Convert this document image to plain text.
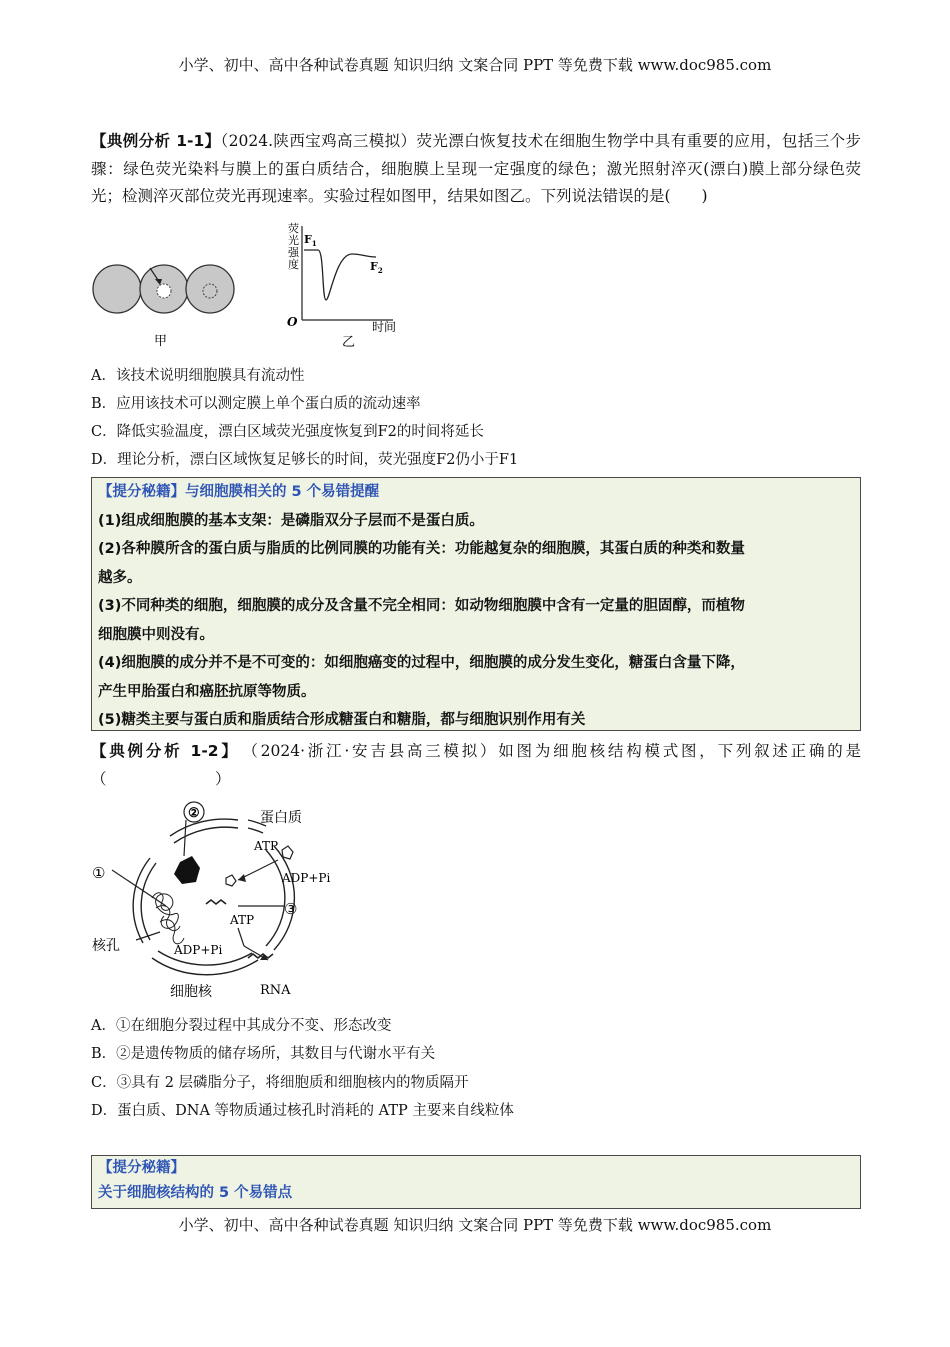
小学、初中、高中各种试卷真题 知识归纳 文案合同 PPT 等免费下载 www.doc985.com
【典例分析 1-1】（2024.陕西宝鸡高三模拟）荧光漂白恢复技术在细胞生物学中具有重要的应用，包括三个步骤：绿色荧光染料与膜上的蛋白质结合，细胞膜上呈现一定强度的绿色；激光照射淬灭(漂白)膜上部分绿色荧光；检测淬灭部位荧光再现速率。实验过程如图甲，结果如图乙。下列说法错误的是(　　)
甲
荧
光
强
度
$F_1$
$F_2$
O	时间
乙
A．该技术说明细胞膜具有流动性
B．应用该技术可以测定膜上单个蛋白质的流动速率
C．降低实验温度，漂白区域荧光强度恢复到F2的时间将延长
D．理论分析，漂白区域恢复足够长的时间，荧光强度F2仍小于F1
【提分秘籍】与细胞膜相关的 5 个易错提醒
(1)组成细胞膜的基本支架：是磷脂双分子层而不是蛋白质。
(2)各种膜所含的蛋白质与脂质的比例同膜的功能有关：功能越复杂的细胞膜，其蛋白质的种类和数量
越多。
(3)不同种类的细胞，细胞膜的成分及含量不完全相同：如动物细胞膜中含有一定量的胆固醇，而植物
细胞膜中则没有。
(4)细胞膜的成分并不是不可变的：如细胞癌变的过程中，细胞膜的成分发生变化，糖蛋白含量下降，
产生甲胎蛋白和癌胚抗原等物质。
(5)糖类主要与蛋白质和脂质结合形成糖蛋白和糖脂，都与细胞识别作用有关
【典例分析 1-2】　（2024·浙江·安吉县高三模拟）如图为细胞核结构模式图，下列叙述正确的是（　　　　　　　）
②
①
③
蛋白质
ATP
ADP+Pi
ATP
ADP+Pi
核孔
细胞核	RNA
A．①在细胞分裂过程中其成分不变、形态改变
B．②是遗传物质的储存场所，其数目与代谢水平有关
C．③具有 2 层磷脂分子，将细胞质和细胞核内的物质隔开
D．蛋白质、DNA 等物质通过核孔时消耗的 ATP 主要来自线粒体
【提分秘籍】
关于细胞核结构的 5 个易错点
小学、初中、高中各种试卷真题 知识归纳 文案合同 PPT 等免费下载 www.doc985.com
